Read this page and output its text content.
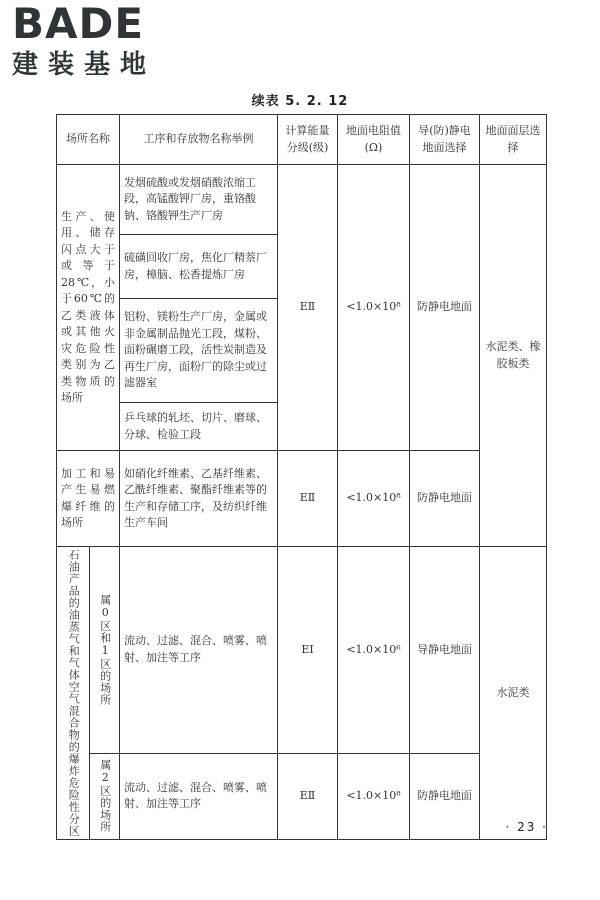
BADE
建装基地
续表 5. 2. 12
场所名称		工序和存放物名称举例	计算能量分级(级)	地面电阻值(Ω)	导(防)静电地面选择	地面面层选择
生产、使用、储存闪点大于或等于28℃，小于60℃的乙类液体或其他火灾危险性类别为乙类物质的场所		发烟硫酸或发烟硝酸浓缩工段，高锰酸钾厂房，重铬酸钠、铬酸钾生产厂房	EⅡ	<1.0×10⁸	防静电地面	水泥类、橡胶板类
		硫磺回收厂房，焦化厂精萘厂房，樟脑、松香提炼厂房				
		铝粉、镁粉生产厂房，金属或非金属制品抛光工段，煤粉、面粉碾磨工段，活性炭制造及再生厂房，面粉厂的除尘或过滤器室				
		乒乓球的轧坯、切片、磨球、分球、检验工段				
加工和易产生易燃爆纤维的场所		如硝化纤维素、乙基纤维素、乙酰纤维素、聚酯纤维素等的生产和存储工序，及纺织纤维生产车间	EⅡ	<1.0×10⁸	防静电地面	

石油产品的油蒸气和气体空气混合物的爆炸危险性分区	属0区和1区的场所	流动、过滤、混合、喷雾、喷射、加注等工序	EⅠ	<1.0×10⁶	导静电地面	水泥类

	属2区的场所	流动、过滤、混合、喷雾、喷射、加注等工序	EⅡ	<1.0×10⁸	防静电地面	
· 23 ·
